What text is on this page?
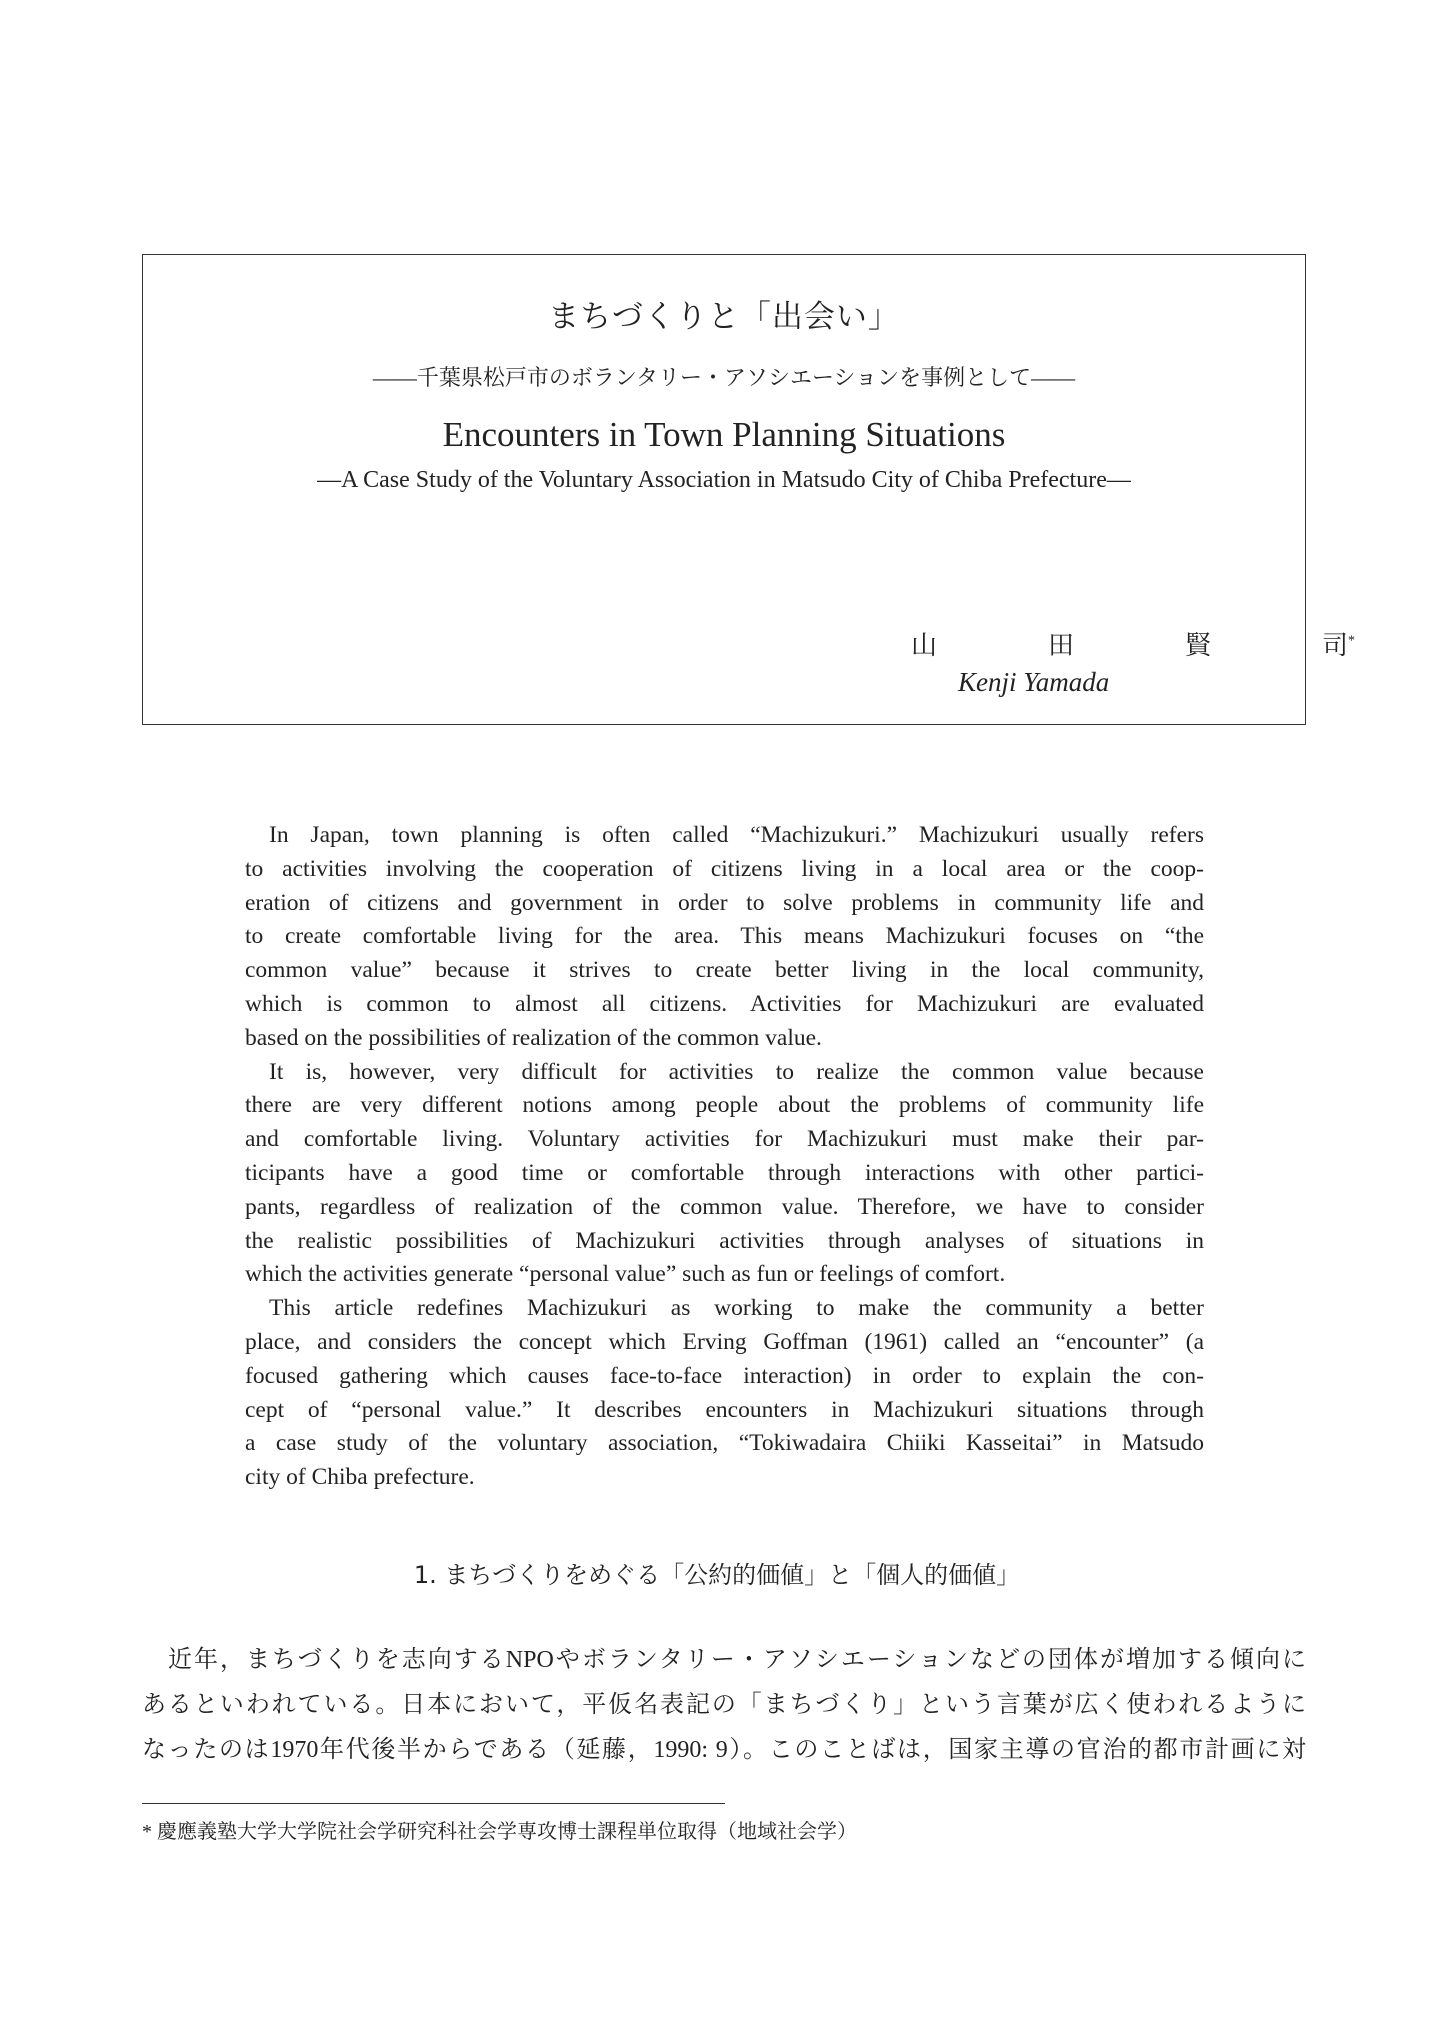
まちづくりと「出会い」
——千葉県松戸市のボランタリー・アソシエーションを事例として——
Encounters in Town Planning Situations
—A Case Study of the Voluntary Association in Matsudo City of Chiba Prefecture—
山	田	賢	司*
Kenji Yamada
In Japan, town planning is often called “Machizukuri.” Machizukuri usually refers
to activities involving the cooperation of citizens living in a local area or the coop-
eration of citizens and government in order to solve problems in community life and
to create comfortable living for the area. This means Machizukuri focuses on “the
common value” because it strives to create better living in the local community,
which is common to almost all citizens. Activities for Machizukuri are evaluated
based on the possibilities of realization of the common value.
It is, however, very difficult for activities to realize the common value because
there are very different notions among people about the problems of community life
and comfortable living. Voluntary activities for Machizukuri must make their par-
ticipants have a good time or comfortable through interactions with other partici-
pants, regardless of realization of the common value. Therefore, we have to consider
the realistic possibilities of Machizukuri activities through analyses of situations in
which the activities generate “personal value” such as fun or feelings of comfort.
This article redefines Machizukuri as working to make the community a better
place, and considers the concept which Erving Goffman (1961) called an “encounter” (a
focused gathering which causes face-to-face interaction) in order to explain the con-
cept of “personal value.” It describes encounters in Machizukuri situations through
a case study of the voluntary association, “Tokiwadaira Chiiki Kasseitai” in Matsudo
city of Chiba prefecture.
1. まちづくりをめぐる「公約的価値」と「個人的価値」
近年，まちづくりを志向するNPOやボランタリー・アソシエーションなどの団体が増加する傾向に
あるといわれている。日本において，平仮名表記の「まちづくり」という言葉が広く使われるように
なったのは1970年代後半からである（延藤，1990: 9）。このことばは，国家主導の官治的都市計画に対
* 慶應義塾大学大学院社会学研究科社会学専攻博士課程単位取得（地域社会学）
